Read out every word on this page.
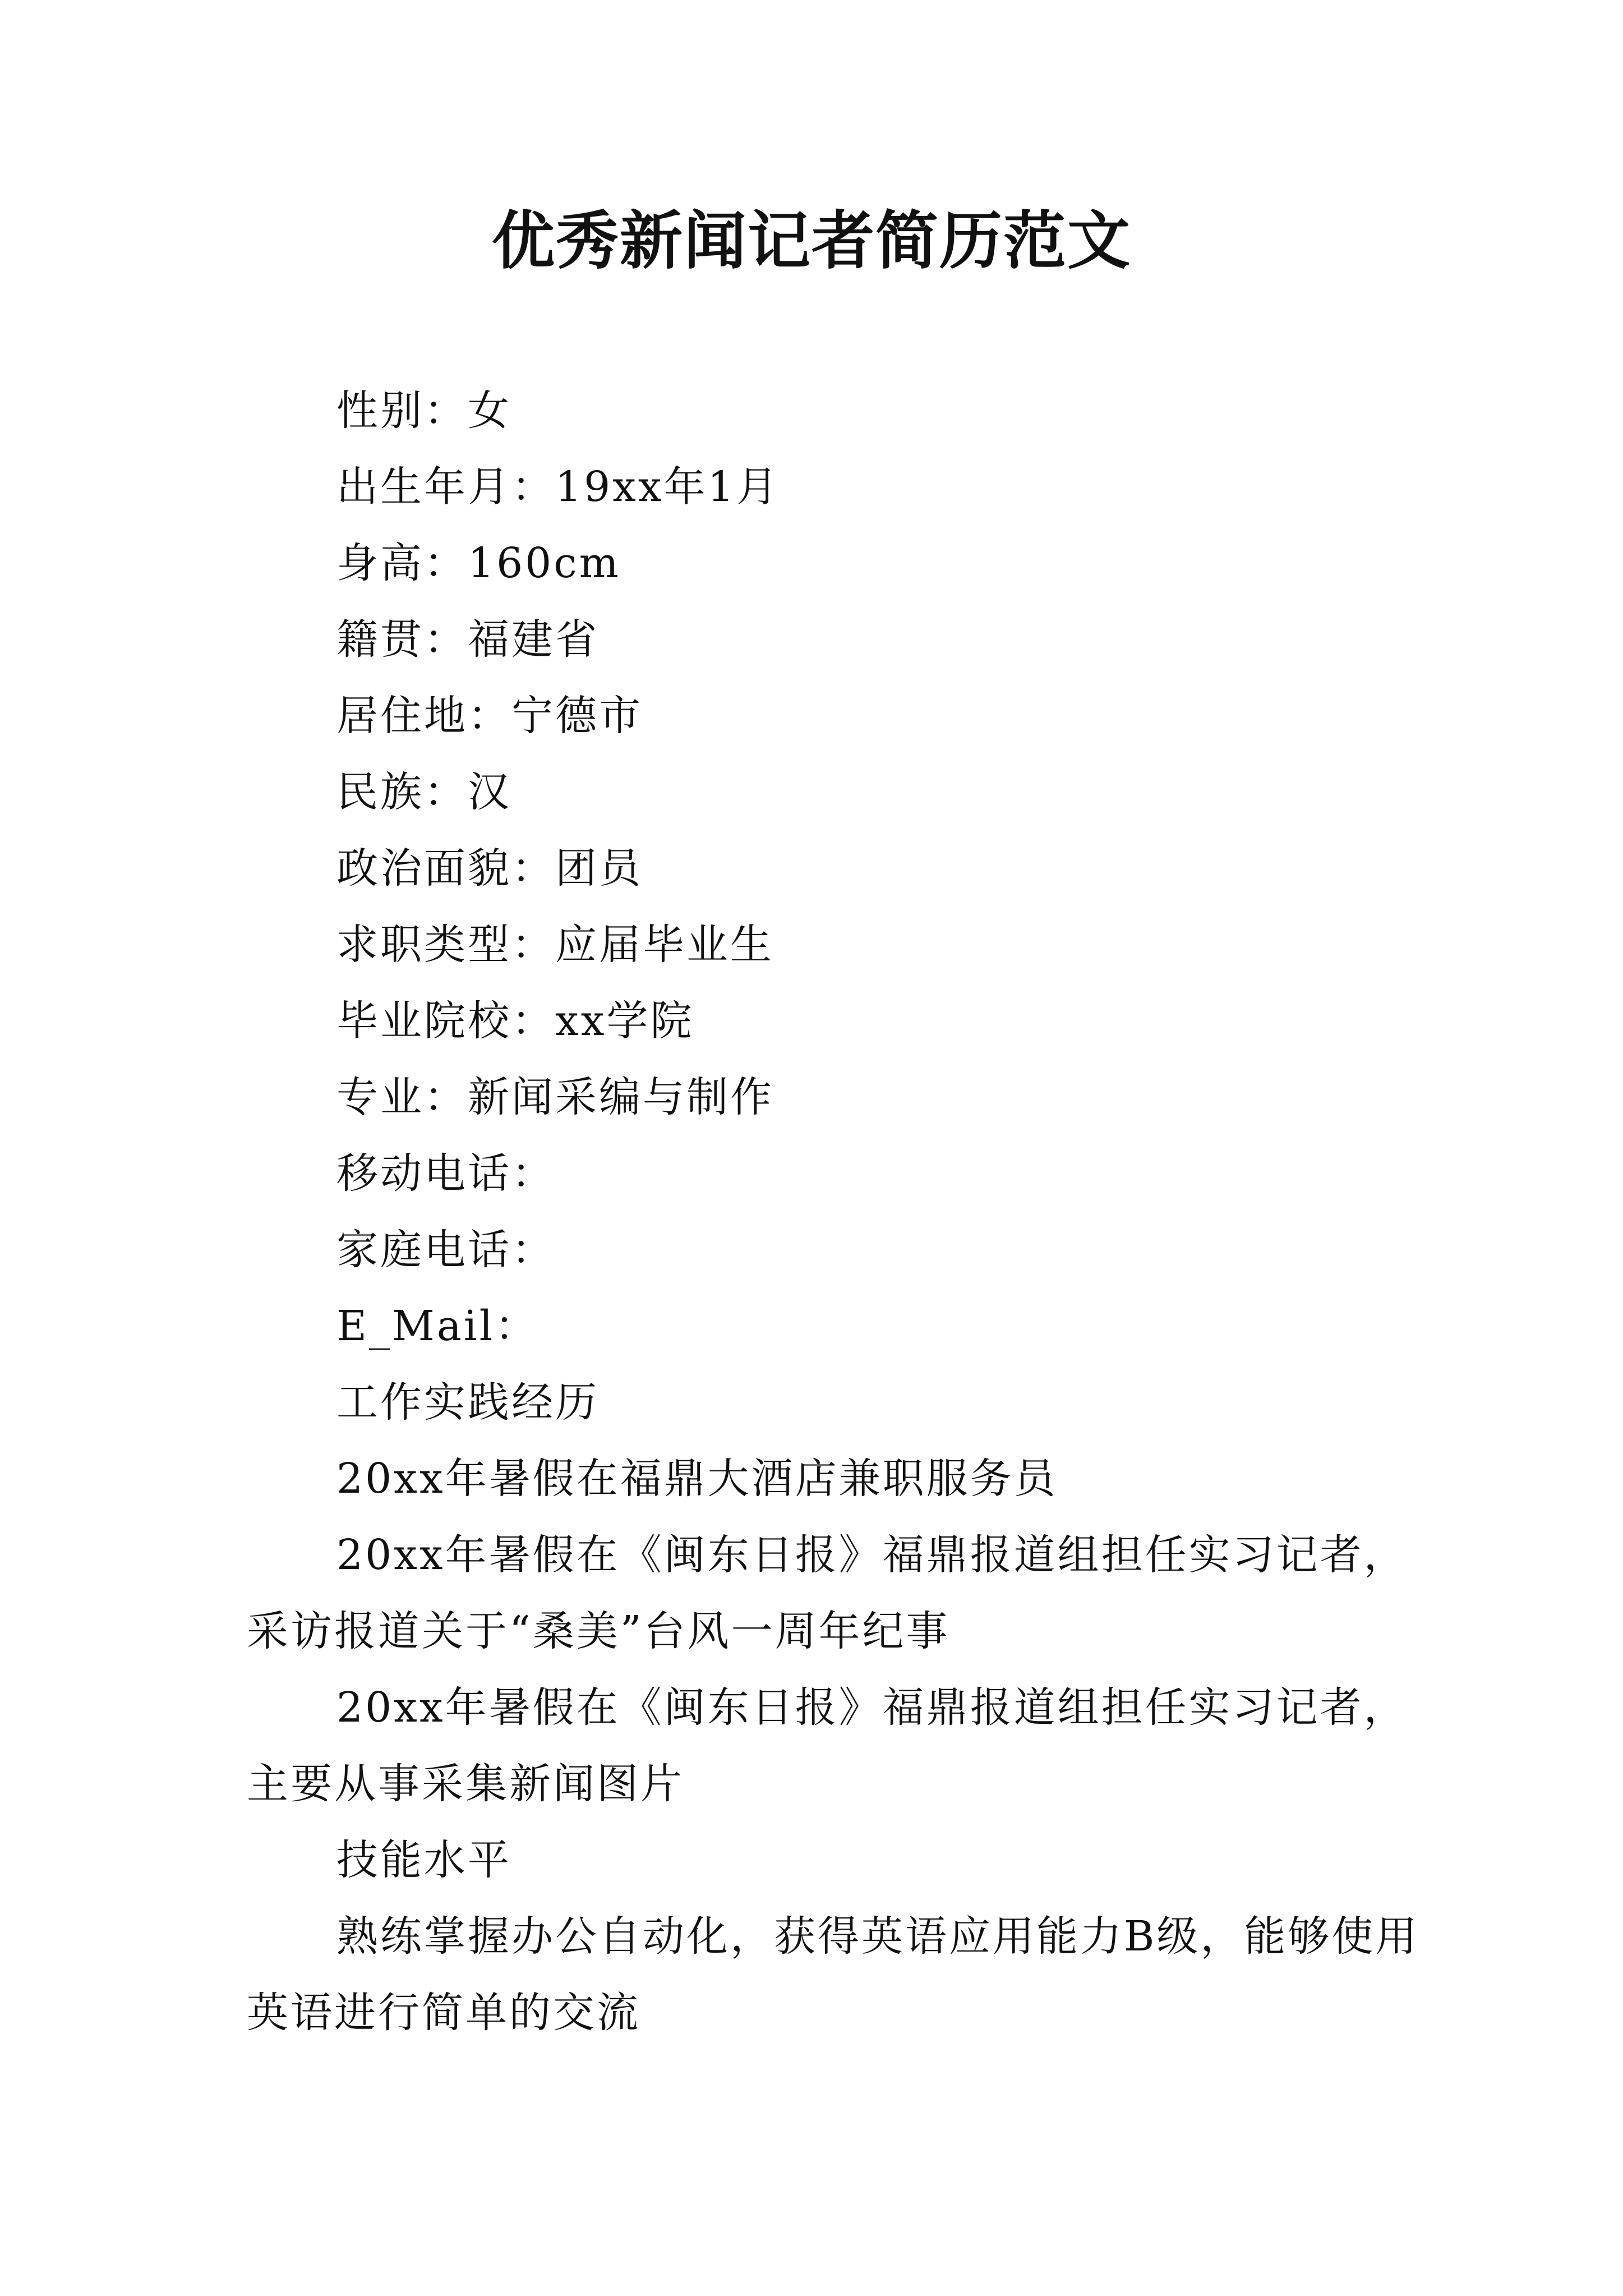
优秀新闻记者简历范文

性别：女

出生年月：19xx年1月

身高：160cm

籍贯：福建省

居住地：宁德市

民族：汉

政治面貌：团员

求职类型：应届毕业生

毕业院校：xx学院

专业：新闻采编与制作

移动电话：

家庭电话：

E_Mail：

工作实践经历

20xx年暑假在福鼎大酒店兼职服务员

20xx年暑假在《闽东日报》福鼎报道组担任实习记者，采访报道关于“桑美”台风一周年纪事

20xx年暑假在《闽东日报》福鼎报道组担任实习记者，主要从事采集新闻图片

技能水平

熟练掌握办公自动化，获得英语应用能力B级，能够使用英语进行简单的交流
